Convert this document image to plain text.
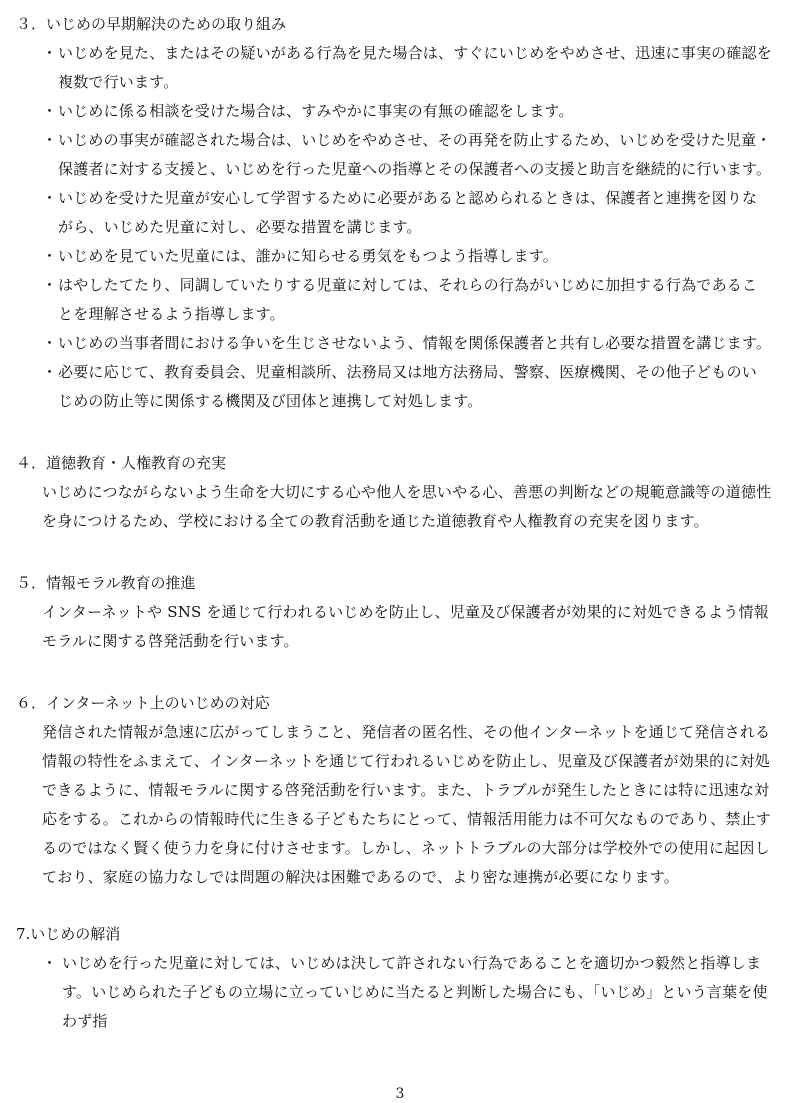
３．いじめの早期解決のための取り組み
・ いじめを見た、またはその疑いがある行為を見た場合は、すぐにいじめをやめさせ、迅速に事実の確認を複数で行います。
・ いじめに係る相談を受けた場合は、すみやかに事実の有無の確認をします。
・ いじめの事実が確認された場合は、いじめをやめさせ、その再発を防止するため、いじめを受けた児童・保護者に対する支援と、いじめを行った児童への指導とその保護者への支援と助言を継続的に行います。
・ いじめを受けた児童が安心して学習するために必要があると認められるときは、保護者と連携を図りながら、いじめた児童に対し、必要な措置を講じます。
・ いじめを見ていた児童には、誰かに知らせる勇気をもつよう指導します。
・ はやしたてたり、同調していたりする児童に対しては、それらの行為がいじめに加担する行為であることを理解させるよう指導します。
・ いじめの当事者間における争いを生じさせないよう、情報を関係保護者と共有し必要な措置を講じます。
・ 必要に応じて、教育委員会、児童相談所、法務局又は地方法務局、警察、医療機関、その他子どものいじめの防止等に関係する機関及び団体と連携して対処します。
４．道徳教育・人権教育の充実
いじめにつながらないよう生命を大切にする心や他人を思いやる心、善悪の判断などの規範意識等の道徳性を身につけるため、学校における全ての教育活動を通じた道徳教育や人権教育の充実を図ります。
５．情報モラル教育の推進
インターネットや SNS を通じて行われるいじめを防止し、児童及び保護者が効果的に対処できるよう情報モラルに関する啓発活動を行います。
６．インターネット上のいじめの対応
発信された情報が急速に広がってしまうこと、発信者の匿名性、その他インターネットを通じて発信される情報の特性をふまえて、インターネットを通じて行われるいじめを防止し、児童及び保護者が効果的に対処できるように、情報モラルに関する啓発活動を行います。また、トラブルが発生したときには特に迅速な対応をする。これからの情報時代に生きる子どもたちにとって、情報活用能力は不可欠なものであり、禁止するのではなく賢く使う力を身に付けさせます。しかし、ネットトラブルの大部分は学校外での使用に起因しており、家庭の協力なしでは問題の解決は困難であるので、より密な連携が必要になります。
7.いじめの解消
・ いじめを行った児童に対しては、いじめは決して許されない行為であることを適切かつ毅然と指導します。いじめられた子どもの立場に立っていじめに当たると判断した場合にも、「いじめ」という言葉を使わず指
3
